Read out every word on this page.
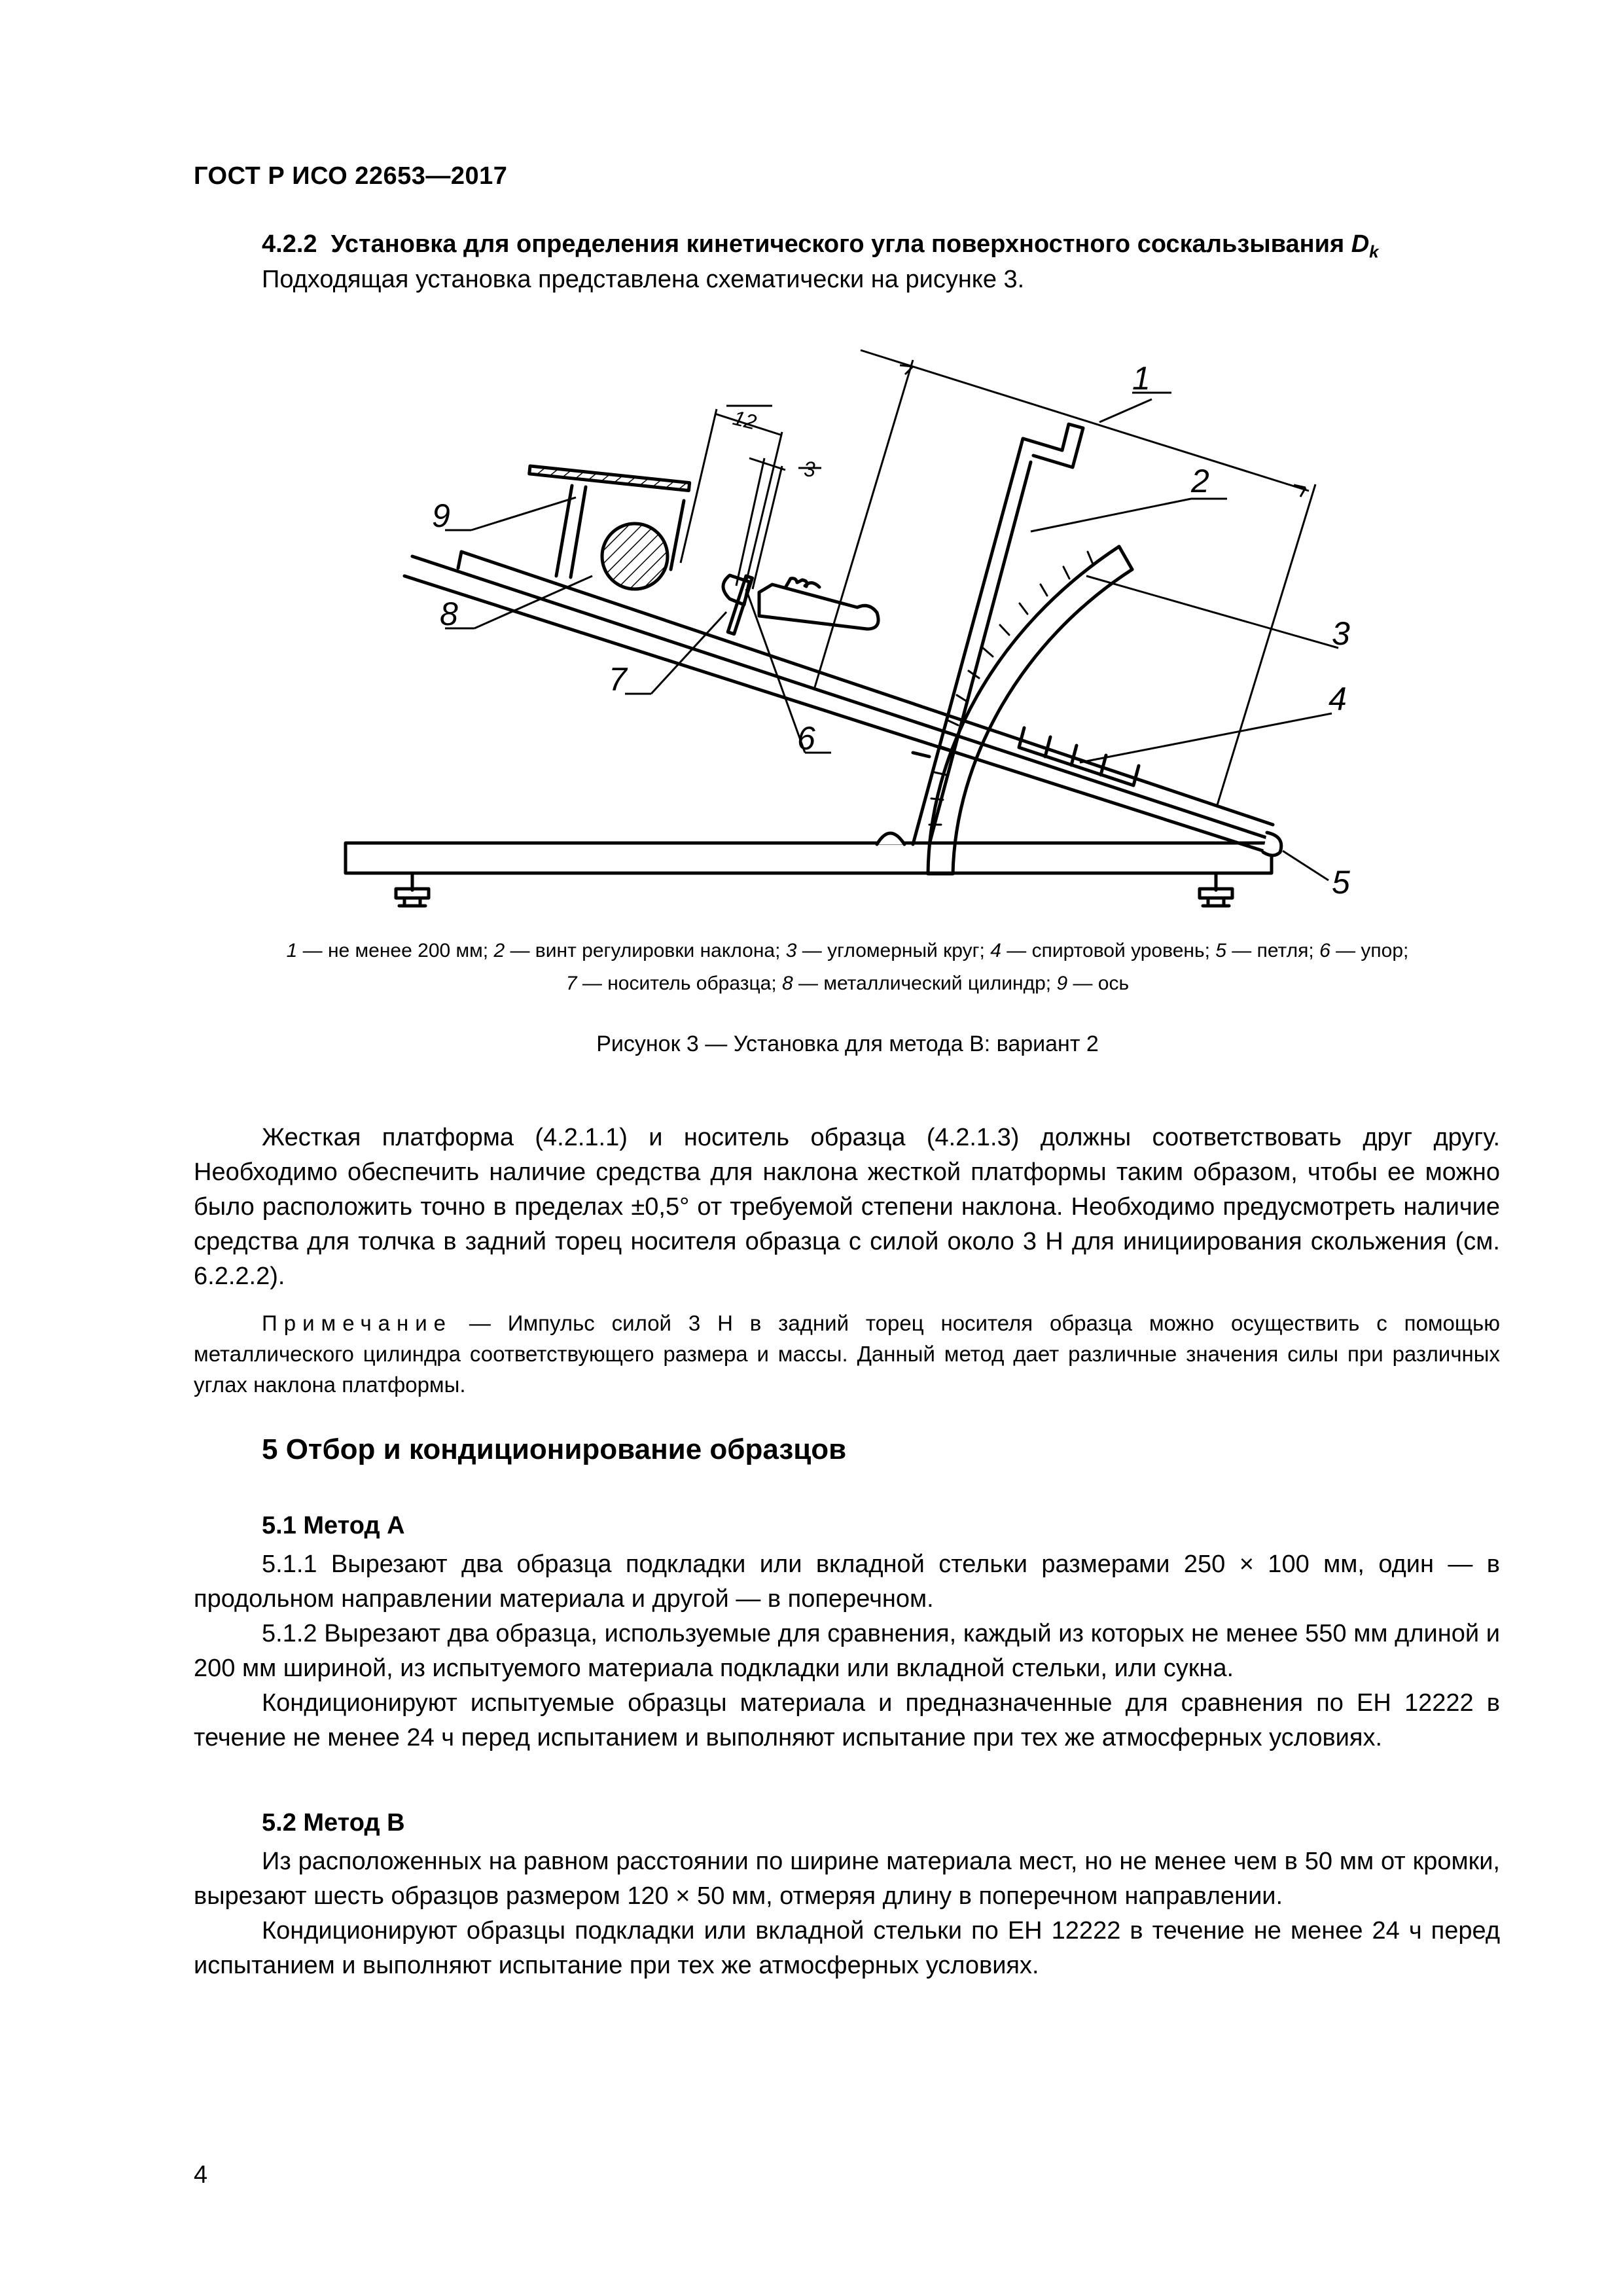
ГОСТ Р ИСО 22653—2017
4.2.2 Установка для определения кинетического угла поверхностного соскальзывания $D_k$
Подходящая установка представлена схематически на рисунке 3.
1
2
3
4
5
6
7
8
9
12
3
1 — не менее 200 мм; 2 — винт регулировки наклона; 3 — угломерный круг; 4 — спиртовой уровень; 5 — петля; 6 — упор;
7 — носитель образца; 8 — металлический цилиндр; 9 — ось
Рисунок 3 — Установка для метода В: вариант 2

Жесткая платформа (4.2.1.1) и носитель образца (4.2.1.3) должны соответствовать друг другу. Необходимо обеспечить наличие средства для наклона жесткой платформы таким образом, чтобы ее можно было расположить точно в пределах ±0,5° от требуемой степени наклона. Необходимо предусмотреть наличие средства для толчка в задний торец носителя образца с силой около 3 Н для инициирования скольжения (см. 6.2.2.2).

Примечание — Импульс силой 3 Н в задний торец носителя образца можно осуществить с помощью металлического цилиндра соответствующего размера и массы. Данный метод дает различные значения силы при различных углах наклона платформы.

5 Отбор и кондиционирование образцов
5.1 Метод А

5.1.1 Вырезают два образца подкладки или вкладной стельки размерами 250 × 100 мм, один — в продольном направлении материала и другой — в поперечном.

5.1.2 Вырезают два образца, используемые для сравнения, каждый из которых не менее 550 мм длиной и 200 мм шириной, из испытуемого материала подкладки или вкладной стельки, или сукна.

Кондиционируют испытуемые образцы материала и предназначенные для сравнения по ЕН 12222 в течение не менее 24 ч перед испытанием и выполняют испытание при тех же атмосферных условиях.

5.2 Метод В

Из расположенных на равном расстоянии по ширине материала мест, но не менее чем в 50 мм от кромки, вырезают шесть образцов размером 120 × 50 мм, отмеряя длину в поперечном направлении.

Кондиционируют образцы подкладки или вкладной стельки по ЕН 12222 в течение не менее 24 ч перед испытанием и выполняют испытание при тех же атмосферных условиях.

4
